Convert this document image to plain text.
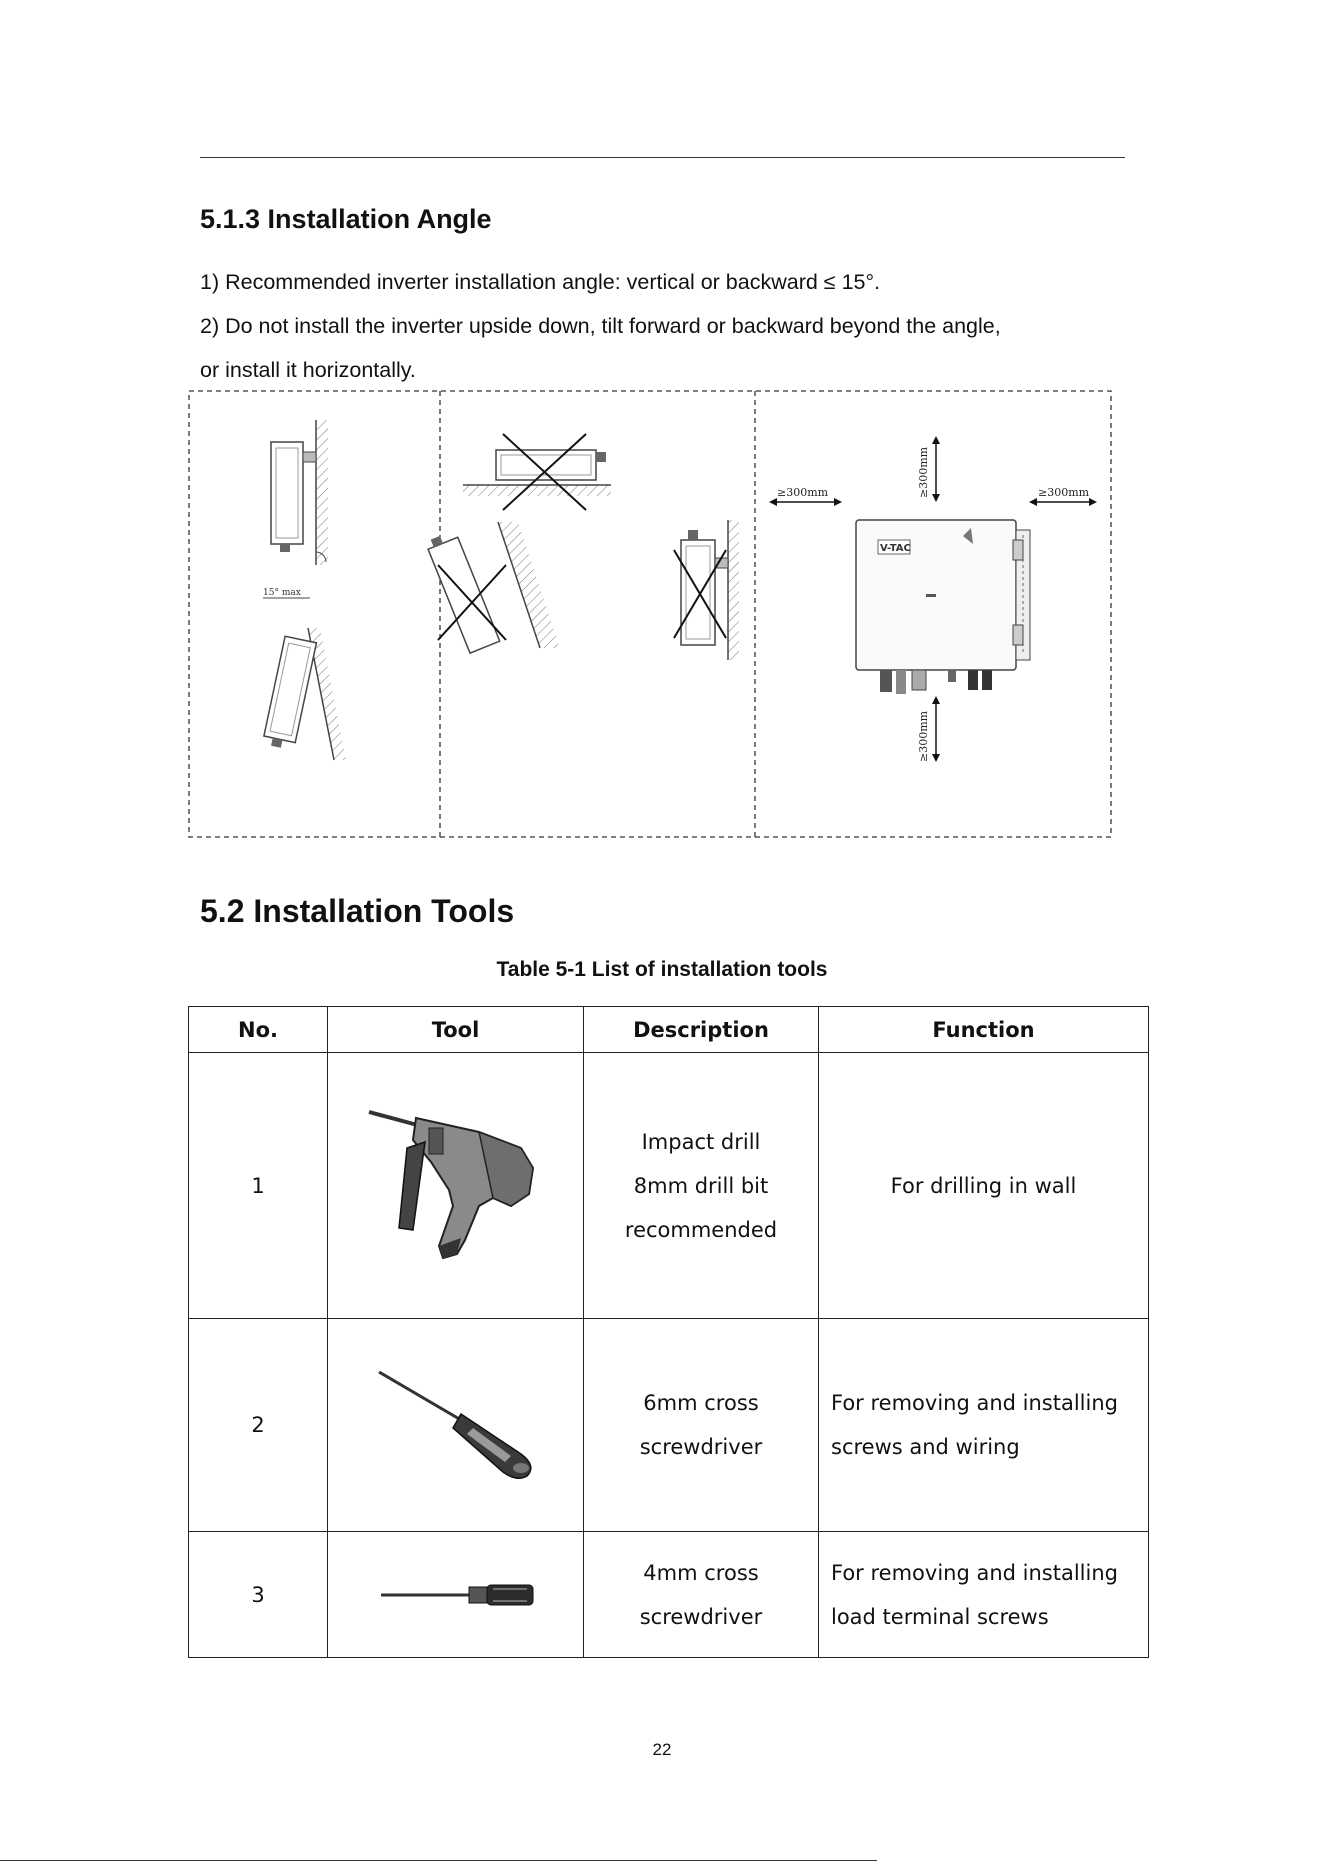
5.1.3 Installation Angle
1) Recommended inverter installation angle: vertical or backward ≤ 15°.
2) Do not install the inverter upside down, tilt forward or backward beyond the angle,
or install it horizontally.
15° max
V-TAC
≥300mm
≥300mm	≥300mm
≥300mm
5.2 Installation Tools
Table 5-1 List of installation tools
No.	Tool	Description	Function
1		Impact drill
8mm drill bit
recommended	For drilling in wall
2		6mm cross
screwdriver	For removing and installing
screws and wiring

3		4mm cross
screwdriver	For removing and installing
load terminal screws
22
